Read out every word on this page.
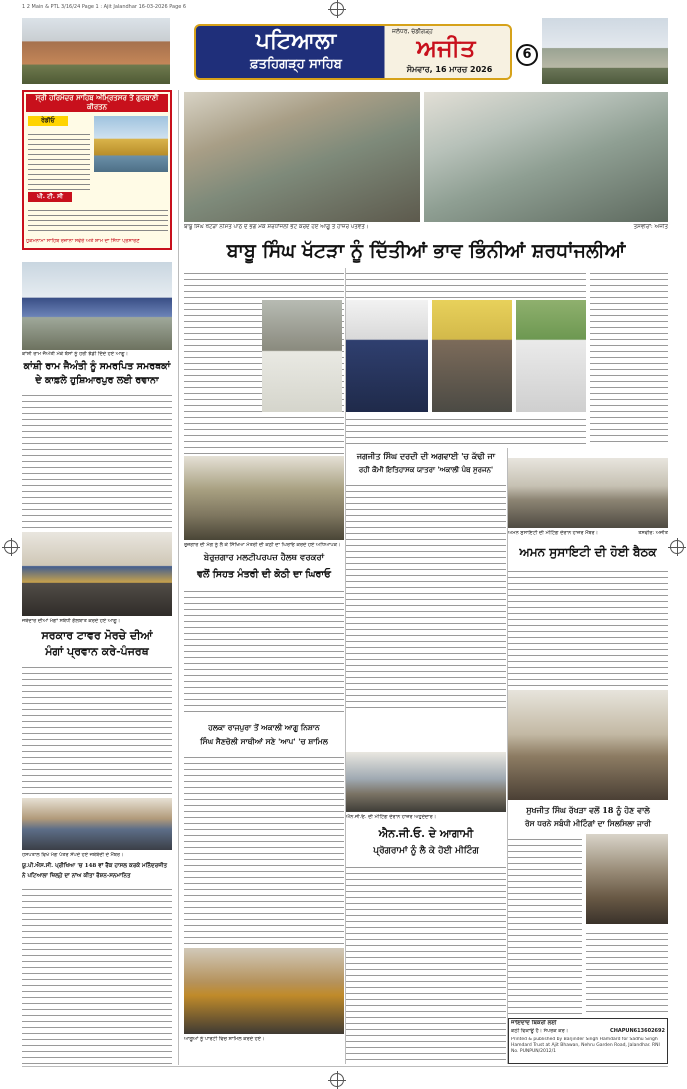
1 2 Main & PTL 3/16/24 Page 1 : Ajit Jalandhar 16-03-2026 Page 6
ਪਟਿਆਲਾ
ਫ਼ਤਹਿਗੜ੍ਹ ਸਾਹਿਬ
ਜਲੰਧਰ, ਚੰਡੀਗੜ੍ਹ
ਅਜੀਤ
ਸੋਮਵਾਰ, 16 ਮਾਰਚ 2026
6
ਸ੍ਰੀ ਹਰਿਮੰਦਰ ਸਾਹਿਬ ਅੰਮ੍ਰਿਤਸਰ ਤੋਂ ਗੁਰਬਾਣੀ ਕੀਰਤਨ
ਰੇਡੀਓ
ਪੀ. ਟੀ. ਸੀ
ਹੁਕਮਨਾਮਾ ਸਾਹਿਬ ਰੋਜ਼ਾਨਾ ਸਵੇਰੇ ਅਤੇ ਸ਼ਾਮ ਦਾ ਸਿੱਧਾ ਪ੍ਰਸਾਰਣ
ਬਾਬੂ ਸਿੰਘ ਖੱਟੜਾ ਨਮਿੱਤ ਪਾਠ ਦੇ ਭੋਗ ਮੌਕੇ ਸ਼ਰਧਾਂਜਲੀ ਭੇਟ ਕਰਦੇ ਹੋਏ ਆਗੂ ਤੇ ਹਾਜ਼ਰ ਪਤਵੰਤੇ।	ਤਸਵੀਰਾਂ: ਅਜੀਤ
ਬਾਬੂ ਸਿੰਘ ਖੱਟੜਾ ਨੂੰ ਦਿੱਤੀਆਂ ਭਾਵ ਭਿੰਨੀਆਂ ਸ਼ਰਧਾਂਜਲੀਆਂ
ਕਾਂਸ਼ੀ ਰਾਮ ਜੈਅੰਤੀ ਮੌਕੇ ਬੱਸਾਂ ਨੂੰ ਹਰੀ ਝੰਡੀ ਦਿੰਦੇ ਹੋਏ ਆਗੂ।
ਕਾਂਸ਼ੀ ਰਾਮ ਜੈਅੰਤੀ ਨੂੰ ਸਮਰਪਿਤ ਸਮਰਥਕਾਂ
ਦੇ ਕਾਫ਼ਲੇ ਹੁਸ਼ਿਆਰਪੁਰ ਲਈ ਰਵਾਨਾ
ਜਥੇਦਾਰ ਦੀਆਂ ਮੰਗਾਂ ਸਬੰਧੀ ਗੱਲਬਾਤ ਕਰਦੇ ਹੋਏ ਆਗੂ।
ਸਰਕਾਰ ਟਾਵਰ ਮੋਰਚੇ ਦੀਆਂ
ਮੰਗਾਂ ਪ੍ਰਵਾਨ ਕਰੇ-ਪੰਜਰਥ
ਹਸਪਤਾਲ ਵਿਖੇ ਮੰਗ ਪੱਤਰ ਸੌਂਪਦੇ ਹੋਏ ਜਥੇਬੰਦੀ ਦੇ ਮੈਂਬਰ।
ਯੂ.ਪੀ.ਐਸ.ਸੀ. ਪ੍ਰੀਖਿਆ 'ਚ 148 ਵਾਂ ਰੈਂਕ ਹਾਸਲ ਕਰਕੇ ਮਨਿੰਦਰਜੀਤ
ਨੇ ਪਟਿਆਲਾ ਜ਼ਿਲ੍ਹੇ ਦਾ ਨਾਂਅ ਕੀਤਾ ਰੌਸ਼ਨ-ਸਨਮਾਨਿਤ
ਰੁਜ਼ਗਾਰ ਦੀ ਮੰਗ ਨੂੰ ਲੈ ਕੇ ਸਿੱਖਿਆ ਮੰਤਰੀ ਦੀ ਕੋਠੀ ਦਾ ਘਿਰਾਓ ਕਰਦੇ ਹੋਏ ਅਧਿਆਪਕ।
ਬੇਰੁਜ਼ਗਾਰ ਮਲਟੀਪਰਪਜ਼ ਹੈਲਥ ਵਰਕਰਾਂ
ਵਲੋਂ ਸਿਹਤ ਮੰਤਰੀ ਦੀ ਕੋਠੀ ਦਾ ਘਿਰਾਓ
ਜਗਜੀਤ ਸਿੰਘ ਦਰਦੀ ਦੀ ਅਗਵਾਈ 'ਚ ਕੱਢੀ ਜਾ
ਰਹੀ ਕੌਮੀ ਇਤਿਹਾਸਕ ਯਾਤਰਾ 'ਅਕਾਲੀ ਪੰਥ ਸੁਰਜਨ'
ਅਮਨ ਸੁਸਾਇਟੀ ਦੀ ਮੀਟਿੰਗ ਦੌਰਾਨ ਹਾਜ਼ਰ ਮੈਂਬਰ।	ਤਸਵੀਰ: ਅਜੀਤ
ਅਮਨ ਸੁਸਾਇਟੀ ਦੀ ਹੋਈ ਬੈਠਕ
ਐਨ.ਜੀ.ਓ. ਦੀ ਮੀਟਿੰਗ ਦੌਰਾਨ ਹਾਜ਼ਰ ਅਹੁਦੇਦਾਰ।
ਐਨ.ਜੀ.ਓ. ਦੇ ਆਗਾਮੀ
ਪ੍ਰੋਗਰਾਮਾਂ ਨੂੰ ਲੈ ਕੇ ਹੋਈ ਮੀਟਿੰਗ
ਹਲਕਾ ਰਾਜਪੁਰਾ ਤੋਂ ਅਕਾਲੀ ਆਗੂ ਨਿਸ਼ਾਨ
ਸਿੰਘ ਸੈਣਚੋਲੀ ਸਾਥੀਆਂ ਸਣੇ 'ਆਪ' 'ਚ ਸ਼ਾਮਿਲ
ਆਗੂਆਂ ਨੂੰ ਪਾਰਟੀ ਵਿਚ ਸ਼ਾਮਿਲ ਕਰਦੇ ਹੋਏ।
ਸੁਖਜੀਤ ਸਿੰਘ ਰੱਖੜਾ ਵਲੋਂ 18 ਨੂੰ ਹੋਣ ਵਾਲੇ
ਰੋਸ ਧਰਨੇ ਸਬੰਧੀ ਮੀਟਿੰਗਾਂ ਦਾ ਸਿਲਸਿਲਾ ਜਾਰੀ
ਜਾਇਦਾਦ ਬਿਕਰੀ ਲਈ
ਕੋਠੀ ਵਿਕਾਊ ਹੈ। ਸੰਪਰਕ ਕਰੋ।	CHAPUN613602692
Printed & published by Barjinder Singh Hamdard for Sadhu Singh Hamdard Trust at Ajit Bhawan, Nehru Garden Road, Jalandhar. RNI No. PUNPUN/2012/1
